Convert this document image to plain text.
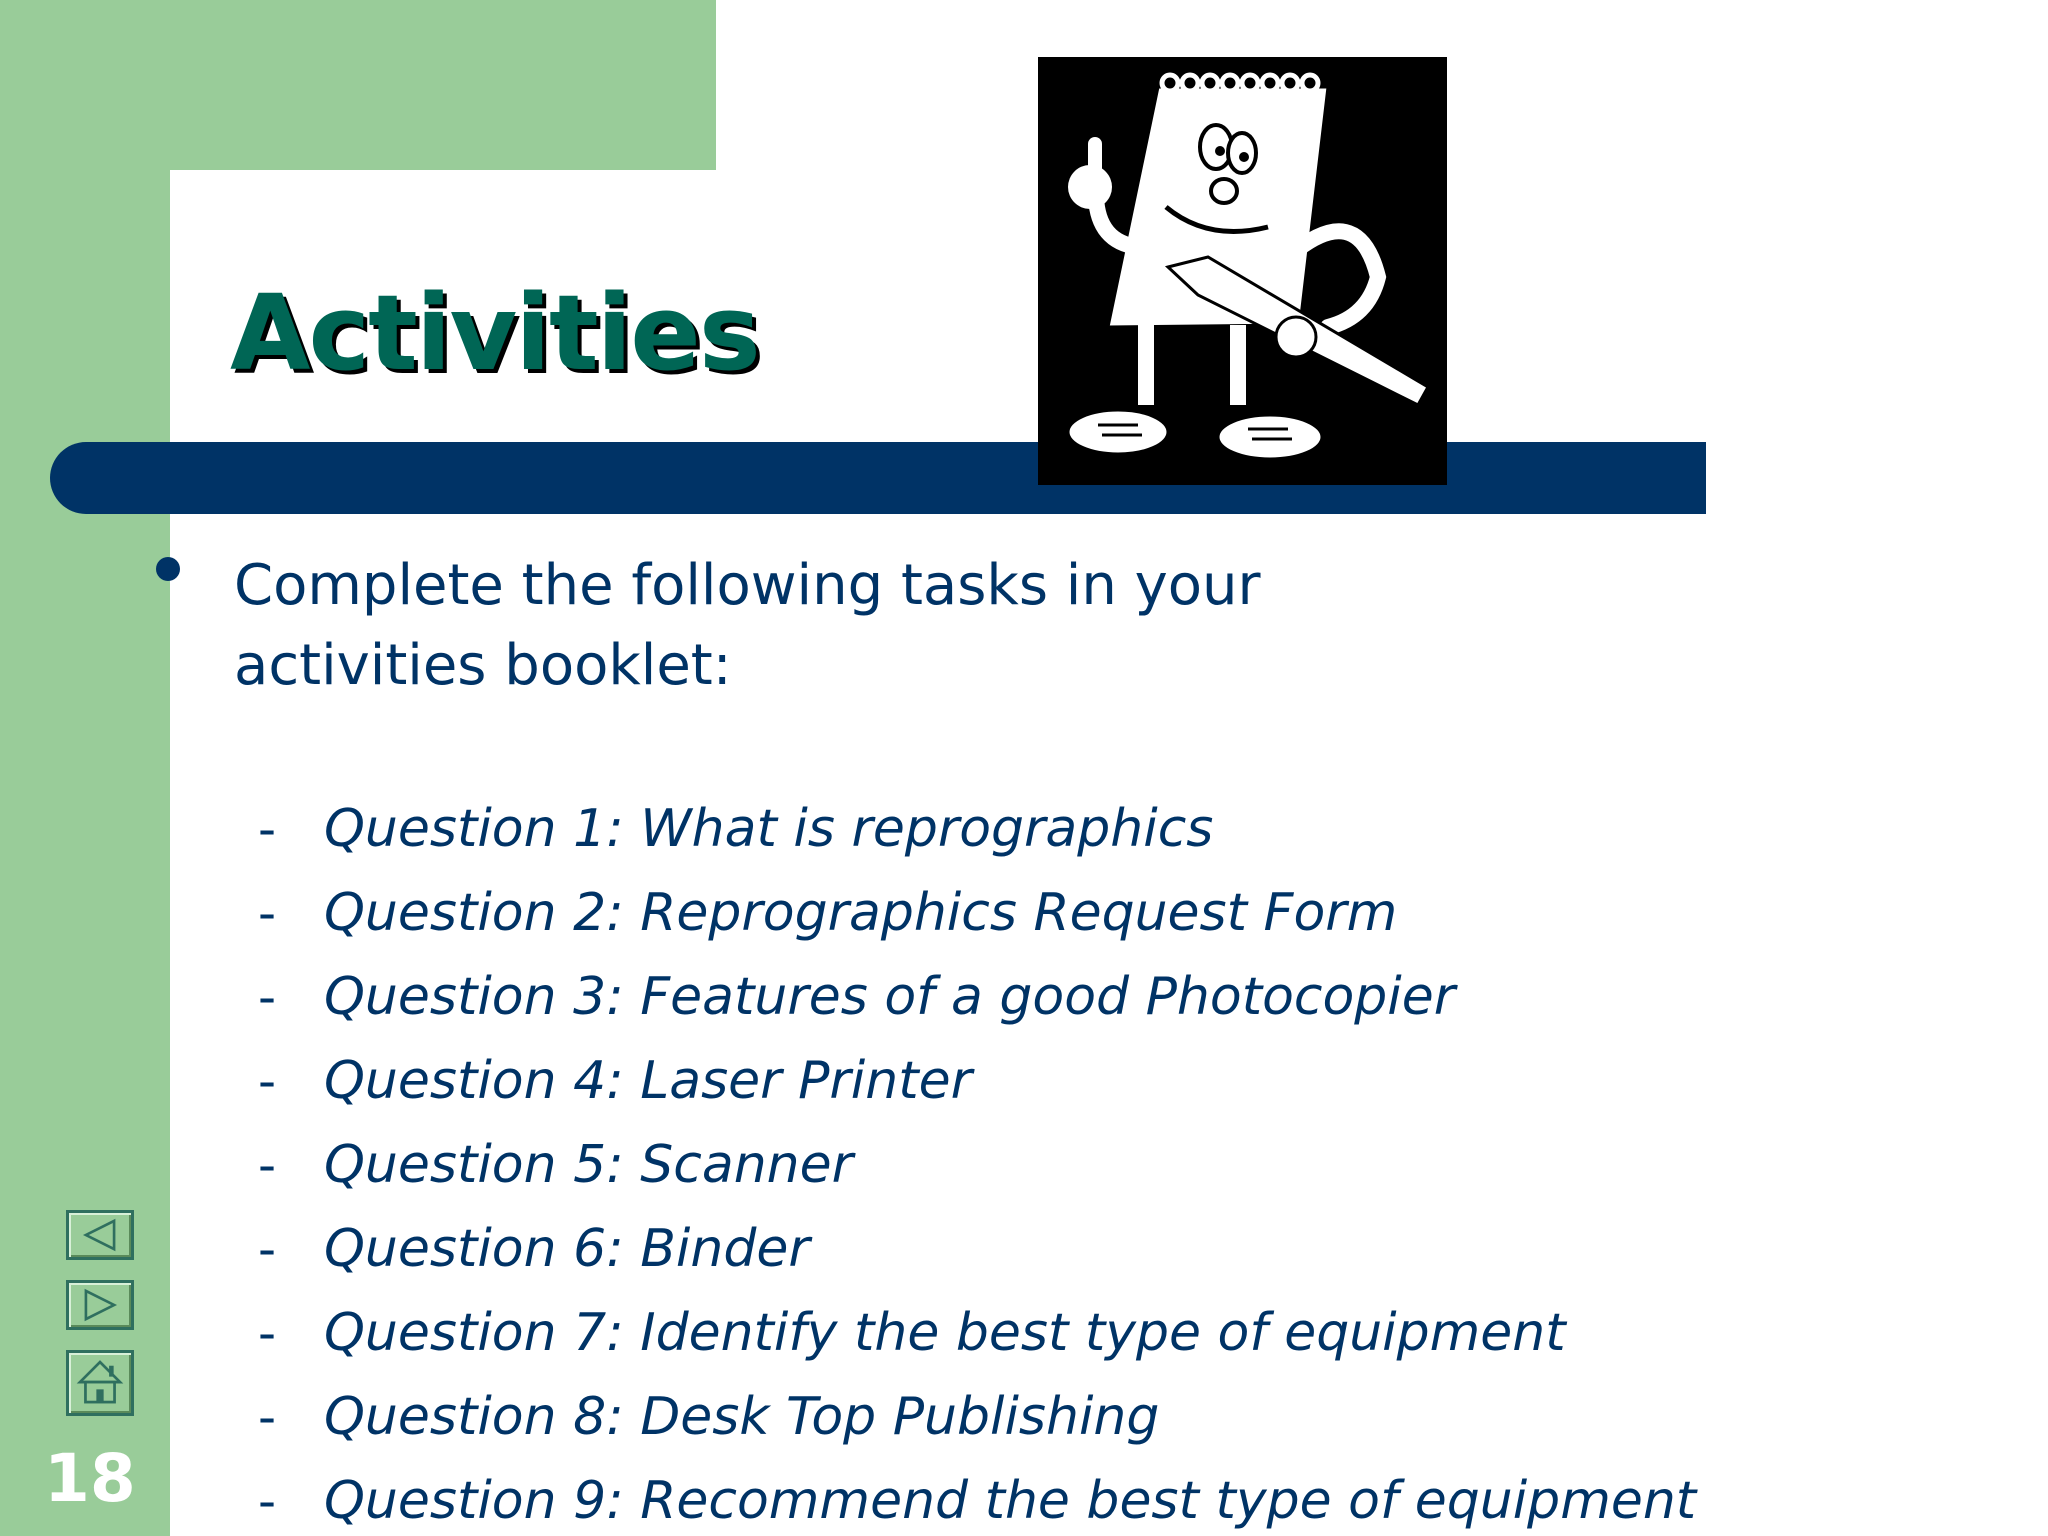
Activities
Complete the following tasks in your activities booklet:
- Question 1: What is reprographics
- Question 2: Reprographics Request Form
- Question 3: Features of a good Photocopier
- Question 4: Laser Printer
- Question 5: Scanner
- Question 6: Binder
- Question 7: Identify the best type of equipment
- Question 8: Desk Top Publishing
- Question 9: Recommend the best type of equipment
18
